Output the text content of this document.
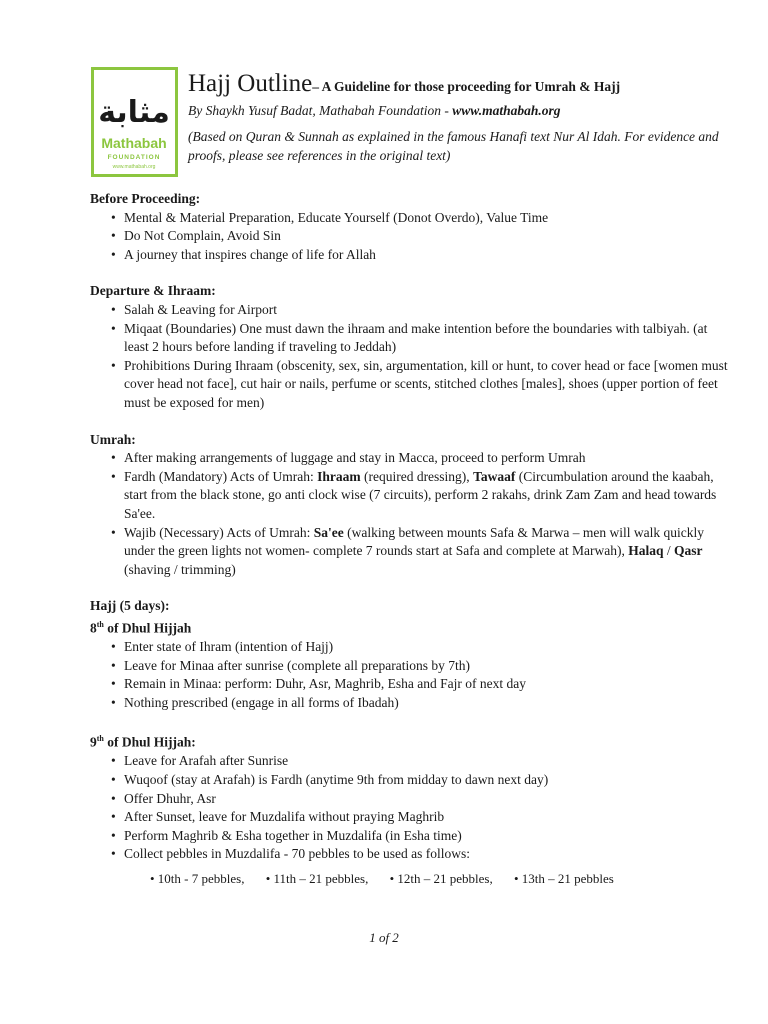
مثابة
Mathabah
FOUNDATION
www.mathabah.org
Hajj Outline– A Guideline for those proceeding for Umrah & Hajj
By Shaykh Yusuf Badat, Mathabah Foundation - www.mathabah.org
(Based on Quran & Sunnah as explained in the famous Hanafi text Nur Al Idah. For evidence and proofs, please see references in the original text)

Before Proceeding:

• Mental & Material Preparation, Educate Yourself (Donot Overdo), Value Time
• Do Not Complain, Avoid Sin
• A journey that inspires change of life for Allah

Departure & Ihraam:

• Salah & Leaving for Airport
• Miqaat (Boundaries) One must dawn the ihraam and make intention before the boundaries with talbiyah. (at least 2 hours before landing if traveling to Jeddah)
• Prohibitions During Ihraam (obscenity, sex, sin, argumentation, kill or hunt, to cover head or face [women must cover head not face], cut hair or nails, perfume or scents, stitched clothes [males], shoes (upper portion of feet must be exposed for men)

Umrah:

• After making arrangements of luggage and stay in Macca, proceed to perform Umrah
• Fardh (Mandatory) Acts of Umrah: Ihraam (required dressing), Tawaaf (Circumbulation around the kaabah, start from the black stone, go anti clock wise (7 circuits), perform 2 rakahs, drink Zam Zam and head towards Sa'ee.
• Wajib (Necessary) Acts of Umrah: Sa'ee (walking between mounts Safa & Marwa – men will walk quickly under the green lights not women- complete 7 rounds start at Safa and complete at Marwah), Halaq / Qasr (shaving / trimming)

Hajj (5 days):

8th of Dhul Hijjah

• Enter state of Ihram (intention of Hajj)
• Leave for Minaa after sunrise (complete all preparations by 7th)
• Remain in Minaa: perform: Duhr, Asr, Maghrib, Esha and Fajr of next day
• Nothing prescribed (engage in all forms of Ibadah)

9th of Dhul Hijjah:

• Leave for Arafah after Sunrise
• Wuqoof (stay at Arafah) is Fardh (anytime 9th from midday to dawn next day)
• Offer Dhuhr, Asr
• After Sunset, leave for Muzdalifa without praying Maghrib
• Perform Maghrib & Esha together in Muzdalifa (in Esha time)
• Collect pebbles in Muzdalifa - 70 pebbles to be used as follows:
• 10th - 7 pebbles, • 11th – 21 pebbles, • 12th – 21 pebbles, • 13th – 21 pebbles
1 of 2
